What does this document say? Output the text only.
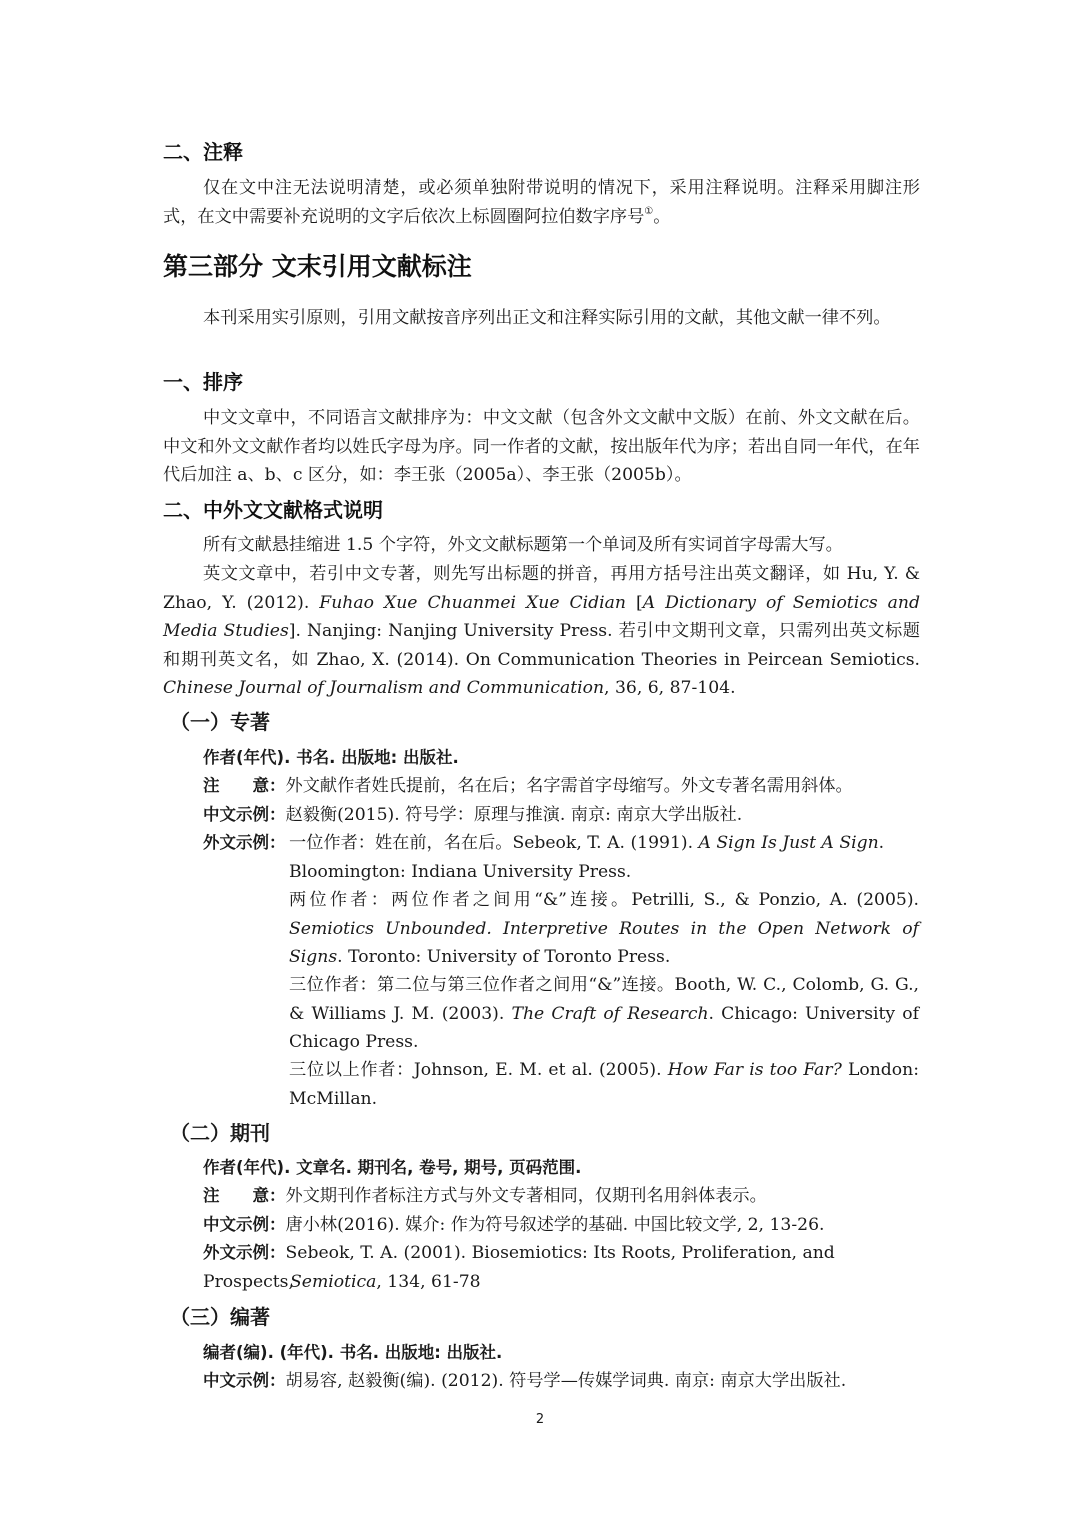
二、注释

仅在文中注无法说明清楚，或必须单独附带说明的情况下，采用注释说明。注释采用脚注形式，在文中需要补充说明的文字后依次上标圆圈阿拉伯数字序号①。

第三部分 文末引用文献标注

本刊采用实引原则，引用文献按音序列出正文和注释实际引用的文献，其他文献一律不列。

一、排序

中文文章中，不同语言文献排序为：中文文献（包含外文文献中文版）在前、外文文献在后。中文和外文文献作者均以姓氏字母为序。同一作者的文献，按出版年代为序；若出自同一年代，在年代后加注 a、b、c 区分，如：李王张（2005a）、李王张（2005b）。

二、中外文文献格式说明

所有文献悬挂缩进 1.5 个字符，外文文献标题第一个单词及所有实词首字母需大写。

英文文章中，若引中文专著，则先写出标题的拼音，再用方括号注出英文翻译，如 Hu, Y. & Zhao, Y. (2012). Fuhao Xue Chuanmei Xue Cidian [A Dictionary of Semiotics and Media Studies]. Nanjing: Nanjing University Press. 若引中文期刊文章，只需列出英文标题和期刊英文名，如 Zhao, X. (2014). On Communication Theories in Peircean Semiotics. Chinese Journal of Journalism and Communication, 36, 6, 87-104.

（一）专著
作者(年代). 书名. 出版地: 出版社.
注　　意：外文献作者姓氏提前，名在后；名字需首字母缩写。外文专著名需用斜体。
中文示例：赵毅衡(2015). 符号学：原理与推演. 南京: 南京大学出版社.
外文示例： 一位作者：姓在前，名在后。Sebeok, T. A. (1991). A Sign Is Just A Sign.
Bloomington: Indiana University Press.
两位作者：两位作者之间用“&”连接。Petrilli, S., & Ponzio, A. (2005). Semiotics Unbounded. Interpretive Routes in the Open Network of Signs. Toronto: University of Toronto Press.
三位作者：第二位与第三位作者之间用“&”连接。Booth, W. C., Colomb, G. G., & Williams J. M. (2003). The Craft of Research. Chicago: University of Chicago Press.
三位以上作者：Johnson, E. M. et al. (2005). How Far is too Far? London: McMillan.
（二）期刊
作者(年代). 文章名. 期刊名, 卷号, 期号, 页码范围.
注　　意：外文期刊作者标注方式与外文专著相同，仅期刊名用斜体表示。
中文示例：唐小林(2016). 媒介: 作为符号叙述学的基础. 中国比较文学, 2, 13-26.
外文示例：Sebeok, T. A. (2001). Biosemiotics: Its Roots, Proliferation, and Prospects,
Semiotica, 134, 61-78
（三）编著
编者(编). (年代). 书名. 出版地: 出版社.
中文示例：胡易容, 赵毅衡(编). (2012). 符号学—传媒学词典. 南京: 南京大学出版社.
2
